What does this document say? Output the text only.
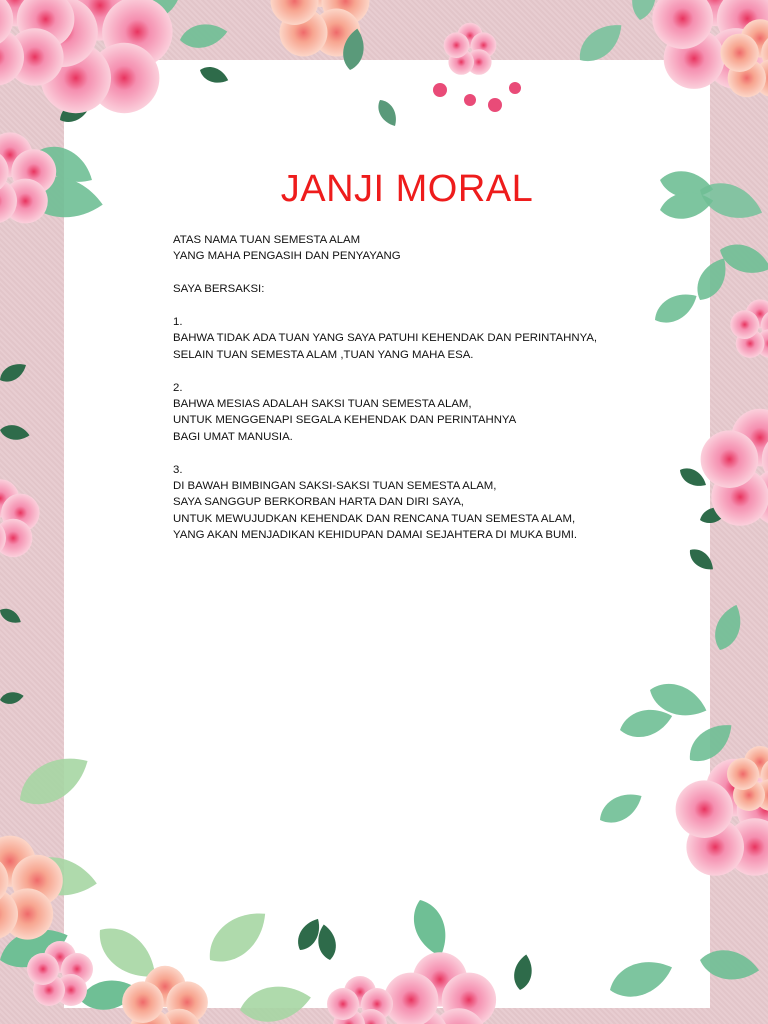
JANJI MORAL
ATAS NAMA TUAN SEMESTA ALAM
YANG MAHA PENGASIH DAN PENYAYANG
SAYA BERSAKSI:
1.
BAHWA TIDAK ADA TUAN YANG SAYA PATUHI KEHENDAK DAN PERINTAHNYA,
SELAIN TUAN SEMESTA ALAM ,TUAN YANG MAHA ESA.
2.
BAHWA MESIAS ADALAH SAKSI TUAN SEMESTA ALAM,
UNTUK MENGGENAPI SEGALA KEHENDAK DAN PERINTAHNYA
BAGI UMAT MANUSIA.
3.
DI BAWAH BIMBINGAN SAKSI-SAKSI TUAN SEMESTA ALAM,
SAYA SANGGUP BERKORBAN HARTA DAN DIRI SAYA,
UNTUK MEWUJUDKAN KEHENDAK DAN RENCANA TUAN SEMESTA ALAM,
YANG AKAN MENJADIKAN KEHIDUPAN DAMAI SEJAHTERA DI MUKA BUMI.
